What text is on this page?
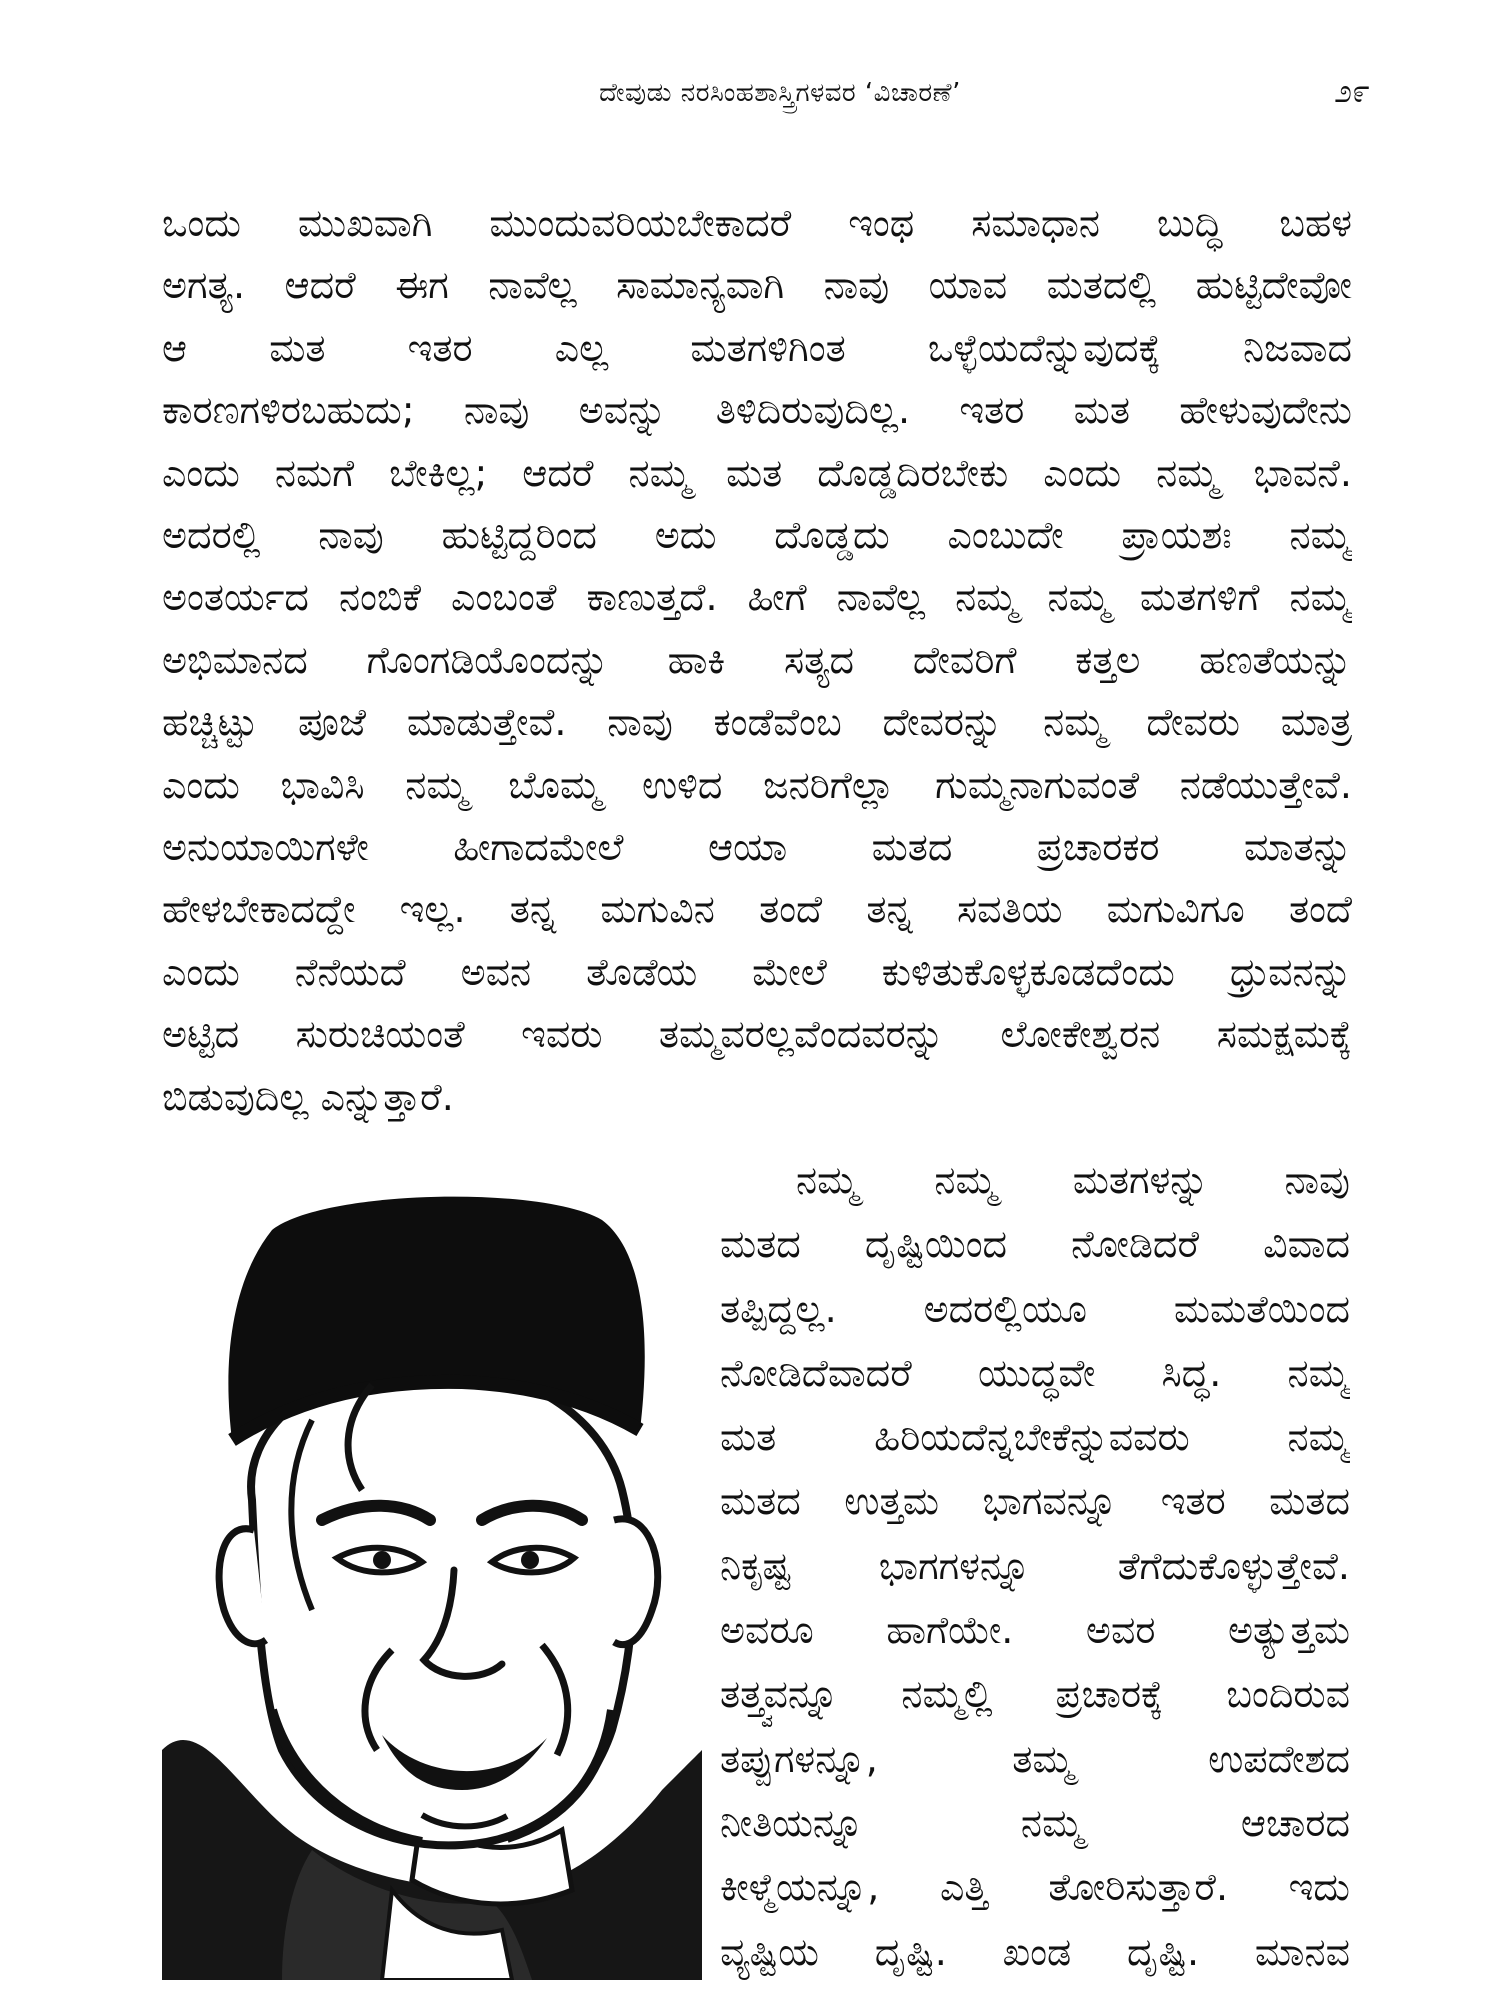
ದೇವುಡು ನರಸಿಂಹಶಾಸ್ತ್ರಿಗಳವರ ‘ವಿಚಾರಣೆ’	೨೯
ಒಂದು ಮುಖವಾಗಿ ಮುಂದುವರಿಯಬೇಕಾದರೆ ಇಂಥ ಸಮಾಧಾನ ಬುದ್ಧಿ ಬಹಳ
ಅಗತ್ಯ. ಆದರೆ ಈಗ ನಾವೆಲ್ಲ ಸಾಮಾನ್ಯವಾಗಿ ನಾವು ಯಾವ ಮತದಲ್ಲಿ ಹುಟ್ಟಿದೇವೋ
ಆ ಮತ ಇತರ ಎಲ್ಲ ಮತಗಳಿಗಿಂತ ಒಳ್ಳೆಯದೆನ್ನುವುದಕ್ಕೆ ನಿಜವಾದ
ಕಾರಣಗಳಿರಬಹುದು; ನಾವು ಅವನ್ನು ತಿಳಿದಿರುವುದಿಲ್ಲ. ಇತರ ಮತ ಹೇಳುವುದೇನು
ಎಂದು ನಮಗೆ ಬೇಕಿಲ್ಲ; ಆದರೆ ನಮ್ಮ ಮತ ದೊಡ್ಡದಿರಬೇಕು ಎಂದು ನಮ್ಮ ಭಾವನೆ.
ಅದರಲ್ಲಿ ನಾವು ಹುಟ್ಟಿದ್ದರಿಂದ ಅದು ದೊಡ್ಡದು ಎಂಬುದೇ ಪ್ರಾಯಶಃ ನಮ್ಮ
ಅಂತರ್ಯದ ನಂಬಿಕೆ ಎಂಬಂತೆ ಕಾಣುತ್ತದೆ. ಹೀಗೆ ನಾವೆಲ್ಲ ನಮ್ಮ ನಮ್ಮ ಮತಗಳಿಗೆ ನಮ್ಮ
ಅಭಿಮಾನದ ಗೊಂಗಡಿಯೊಂದನ್ನು ಹಾಕಿ ಸತ್ಯದ ದೇವರಿಗೆ ಕತ್ತಲ ಹಣತೆಯನ್ನು
ಹಚ್ಚಿಟ್ಟು ಪೂಜೆ ಮಾಡುತ್ತೇವೆ. ನಾವು ಕಂಡೆವೆಂಬ ದೇವರನ್ನು ನಮ್ಮ ದೇವರು ಮಾತ್ರ
ಎಂದು ಭಾವಿಸಿ ನಮ್ಮ ಬೊಮ್ಮ ಉಳಿದ ಜನರಿಗೆಲ್ಲಾ ಗುಮ್ಮನಾಗುವಂತೆ ನಡೆಯುತ್ತೇವೆ.
ಅನುಯಾಯಿಗಳೇ ಹೀಗಾದಮೇಲೆ ಆಯಾ ಮತದ ಪ್ರಚಾರಕರ ಮಾತನ್ನು
ಹೇಳಬೇಕಾದದ್ದೇ ಇಲ್ಲ. ತನ್ನ ಮಗುವಿನ ತಂದೆ ತನ್ನ ಸವತಿಯ ಮಗುವಿಗೂ ತಂದೆ
ಎಂದು ನೆನೆಯದೆ ಅವನ ತೊಡೆಯ ಮೇಲೆ ಕುಳಿತುಕೊಳ್ಳಕೂಡದೆಂದು ಧ್ರುವನನ್ನು
ಅಟ್ಟಿದ ಸುರುಚಿಯಂತೆ ಇವರು ತಮ್ಮವರಲ್ಲವೆಂದವರನ್ನು ಲೋಕೇಶ್ವರನ ಸಮಕ್ಷಮಕ್ಕೆ
ಬಿಡುವುದಿಲ್ಲ ಎನ್ನುತ್ತಾರೆ.
ನಮ್ಮ ನಮ್ಮ ಮತಗಳನ್ನು ನಾವು
ಮತದ ದೃಷ್ಟಿಯಿಂದ ನೋಡಿದರೆ ವಿವಾದ
ತಪ್ಪಿದ್ದಲ್ಲ. ಅದರಲ್ಲಿಯೂ ಮಮತೆಯಿಂದ
ನೋಡಿದೆವಾದರೆ ಯುದ್ಧವೇ ಸಿದ್ಧ. ನಮ್ಮ
ಮತ ಹಿರಿಯದೆನ್ನಬೇಕೆನ್ನುವವರು ನಮ್ಮ
ಮತದ ಉತ್ತಮ ಭಾಗವನ್ನೂ ಇತರ ಮತದ
ನಿಕೃಷ್ಟ ಭಾಗಗಳನ್ನೂ ತೆಗೆದುಕೊಳ್ಳುತ್ತೇವೆ.
ಅವರೂ ಹಾಗೆಯೇ. ಅವರ ಅತ್ಯುತ್ತಮ
ತತ್ತ್ವವನ್ನೂ ನಮ್ಮಲ್ಲಿ ಪ್ರಚಾರಕ್ಕೆ ಬಂದಿರುವ
ತಪ್ಪುಗಳನ್ನೂ, ತಮ್ಮ ಉಪದೇಶದ
ನೀತಿಯನ್ನೂ ನಮ್ಮ ಆಚಾರದ
ಕೀಳ್ಮೆಯನ್ನೂ, ಎತ್ತಿ ತೋರಿಸುತ್ತಾರೆ. ಇದು
ವ್ಯಷ್ಟಿಯ ದೃಷ್ಟಿ. ಖಂಡ ದೃಷ್ಟಿ. ಮಾನವ
